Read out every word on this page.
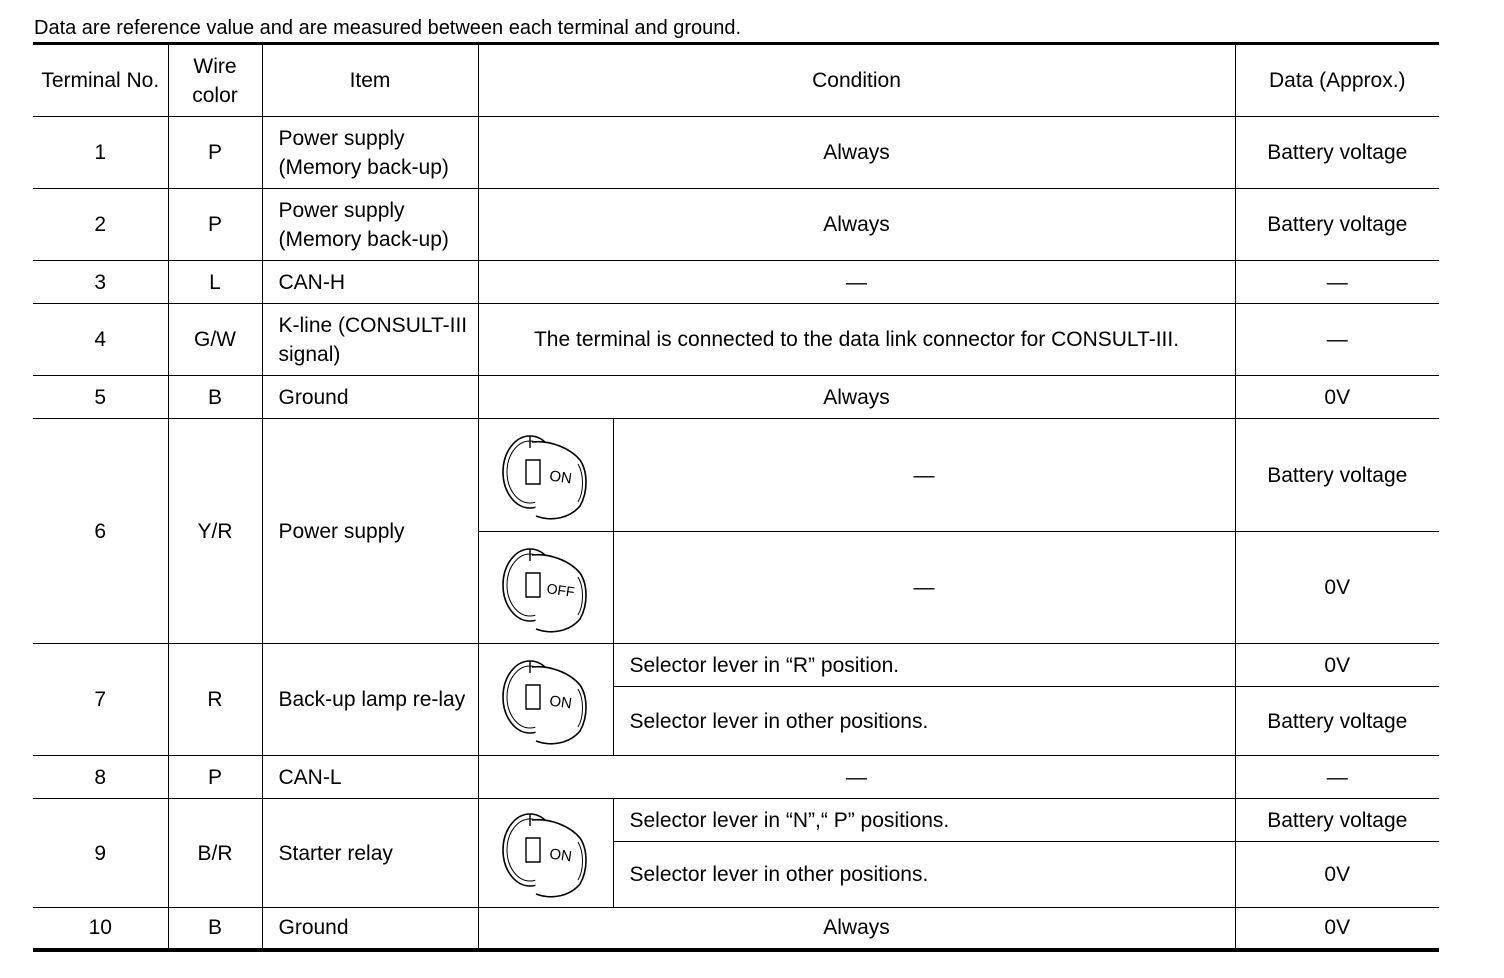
Data are reference value and are measured between each terminal and ground.
Terminal No.	Wire color	Item	Condition		Data (Approx.)
1	P	Power supply (Memory back-up)	Always		Battery voltage
2	P	Power supply (Memory back-up)	Always		Battery voltage
3	L	CAN-H	—		—
4	G/W	K-line (CONSULT-III signal)	The terminal is connected to the data link connector for CONSULT-III.		—
5	B	Ground	Always		0V
6	Y/R	Power supply	ON	—	Battery voltage

OFF	—	0V
7	R	Back-up lamp re-lay	ON	Selector lever in “R” position.	0V
				Selector lever in other positions.	Battery voltage
8	P	CAN-L	—		—
9	B/R	Starter relay	ON	Selector lever in “N”,“ P” positions.	Battery voltage
				Selector lever in other positions.	0V
10	B	Ground	Always		0V
